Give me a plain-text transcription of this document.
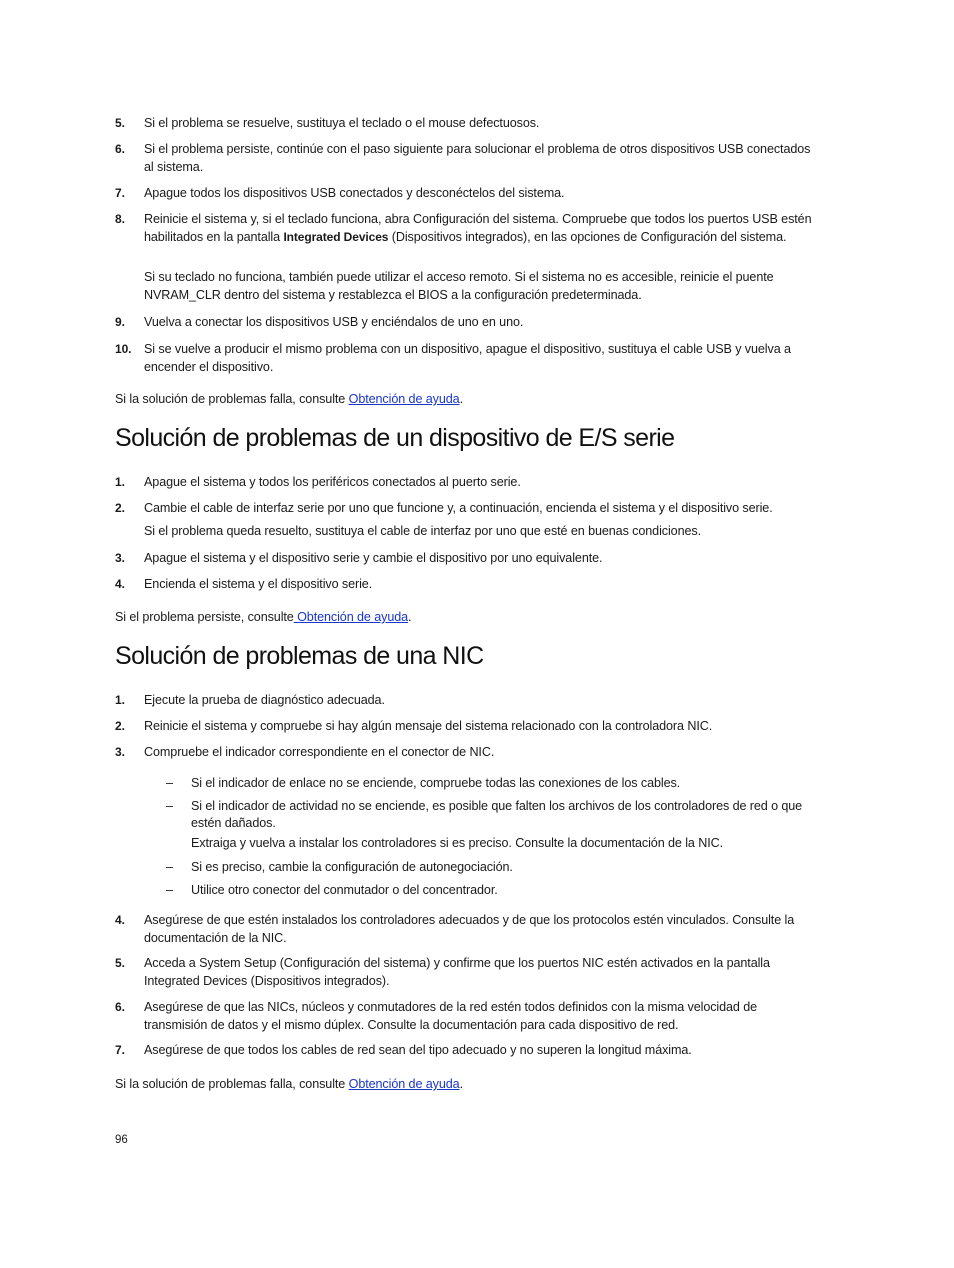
5. Si el problema se resuelve, sustituya el teclado o el mouse defectuosos.
6. Si el problema persiste, continúe con el paso siguiente para solucionar el problema de otros dispositivos USB conectados al sistema.
7. Apague todos los dispositivos USB conectados y desconéctelos del sistema.
8. Reinicie el sistema y, si el teclado funciona, abra Configuración del sistema. Compruebe que todos los puertos USB estén habilitados en la pantalla Integrated Devices (Dispositivos integrados), en las opciones de Configuración del sistema.
Si su teclado no funciona, también puede utilizar el acceso remoto. Si el sistema no es accesible, reinicie el puente NVRAM_CLR dentro del sistema y restablezca el BIOS a la configuración predeterminada.
9. Vuelva a conectar los dispositivos USB y enciéndalos de uno en uno.
10. Si se vuelve a producir el mismo problema con un dispositivo, apague el dispositivo, sustituya el cable USB y vuelva a encender el dispositivo.
Si la solución de problemas falla, consulte Obtención de ayuda.
Solución de problemas de un dispositivo de E/S serie
1. Apague el sistema y todos los periféricos conectados al puerto serie.
2. Cambie el cable de interfaz serie por uno que funcione y, a continuación, encienda el sistema y el dispositivo serie.
Si el problema queda resuelto, sustituya el cable de interfaz por uno que esté en buenas condiciones.
3. Apague el sistema y el dispositivo serie y cambie el dispositivo por uno equivalente.
4. Encienda el sistema y el dispositivo serie.
Si el problema persiste, consulte Obtención de ayuda.
Solución de problemas de una NIC
1. Ejecute la prueba de diagnóstico adecuada.
2. Reinicie el sistema y compruebe si hay algún mensaje del sistema relacionado con la controladora NIC.
3. Compruebe el indicador correspondiente en el conector de NIC.
– Si el indicador de enlace no se enciende, compruebe todas las conexiones de los cables.
– Si el indicador de actividad no se enciende, es posible que falten los archivos de los controladores de red o que estén dañados.
Extraiga y vuelva a instalar los controladores si es preciso. Consulte la documentación de la NIC.
– Si es preciso, cambie la configuración de autonegociación.
– Utilice otro conector del conmutador o del concentrador.
4. Asegúrese de que estén instalados los controladores adecuados y de que los protocolos estén vinculados. Consulte la documentación de la NIC.
5. Acceda a System Setup (Configuración del sistema) y confirme que los puertos NIC estén activados en la pantalla Integrated Devices (Dispositivos integrados).
6. Asegúrese de que las NICs, núcleos y conmutadores de la red estén todos definidos con la misma velocidad de transmisión de datos y el mismo dúplex. Consulte la documentación para cada dispositivo de red.
7. Asegúrese de que todos los cables de red sean del tipo adecuado y no superen la longitud máxima.
Si la solución de problemas falla, consulte Obtención de ayuda.
96
